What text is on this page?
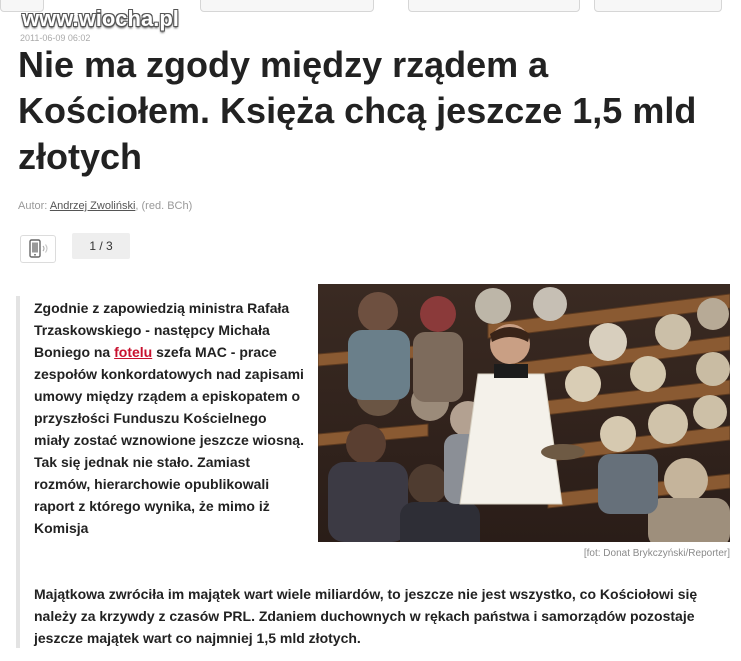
www.wiocha.pl
2011-06-09 06:02
Nie ma zgody między rządem a Kościołem. Księża chcą jeszcze 1,5 mld złotych
Autor: Andrzej Zwoliński, (red. BCh)
1 / 3
Zgodnie z zapowiedzią ministra Rafała Trzaskowskiego - następcy Michała Boniego na fotelu szefa MAC - prace zespołów konkordatowych nad zapisami umowy między rządem a episkopatem o przyszłości Funduszu Kościelnego miały zostać wznowione jeszcze wiosną. Tak się jednak nie stało. Zamiast rozmów, hierarchowie opublikowali raport z którego wynika, że mimo iż Komisja
Majątkowa zwróciła im majątek wart wiele miliardów, to jeszcze nie jest wszystko, co Kościołowi się należy za krzywdy z czasów PRL. Zdaniem duchownych w rękach państwa i samorządów pozostaje jeszcze majątek wart co najmniej 1,5 mld złotych.
[fot: Donat Brykczyński/Reporter]
